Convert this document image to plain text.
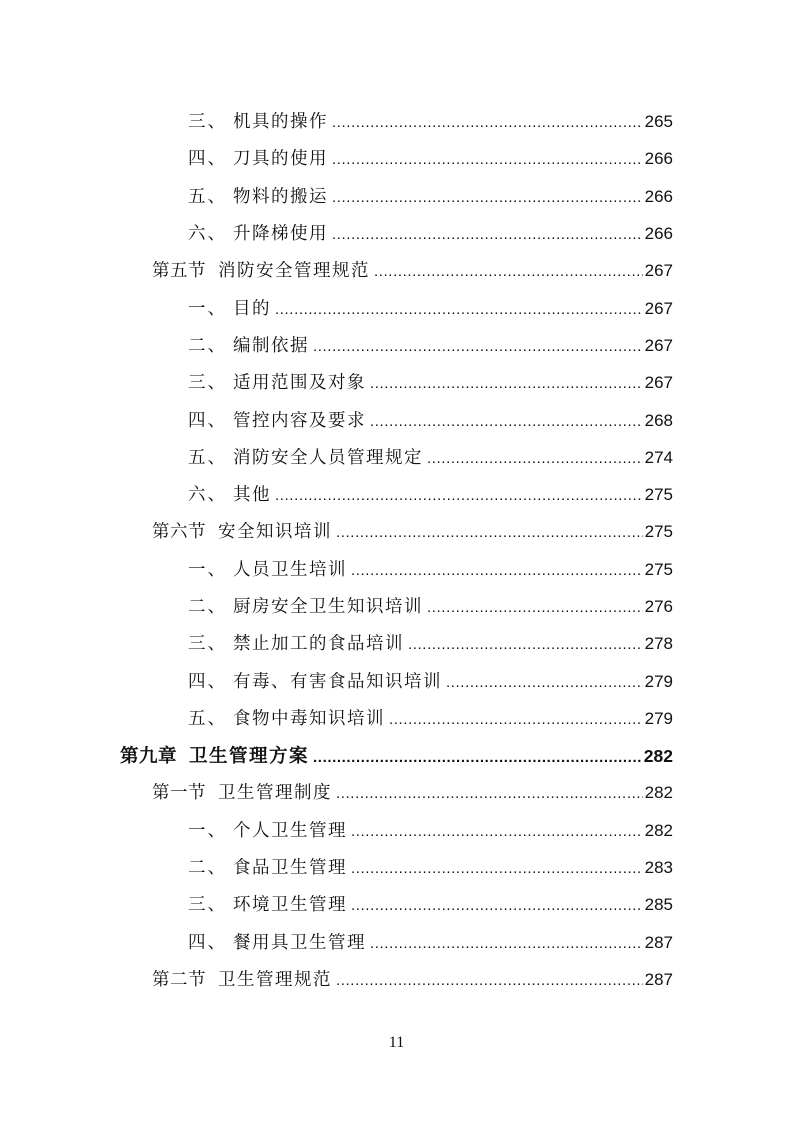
三、 机具的操作 .....	265
四、 刀具的使用 .....	266
五、 物料的搬运 .....	266
六、 升降梯使用 .....	266
第五节 消防安全管理规范 .....	267
一、 目的 .....	267
二、 编制依据 .....	267
三、 适用范围及对象 .....	267
四、 管控内容及要求 .....	268
五、 消防安全人员管理规定 .....	274
六、 其他 .....	275
第六节 安全知识培训 .....	275
一、 人员卫生培训 .....	275
二、 厨房安全卫生知识培训 .....	276
三、 禁止加工的食品培训 .....	278
四、 有毒、有害食品知识培训 .....	279
五、 食物中毒知识培训 .....	279
第九章 卫生管理方案 .....	282
第一节 卫生管理制度 .....	282
一、 个人卫生管理 .....	282
二、 食品卫生管理 .....	283
三、 环境卫生管理 .....	285
四、 餐用具卫生管理 .....	287
第二节 卫生管理规范 .....	287
11
